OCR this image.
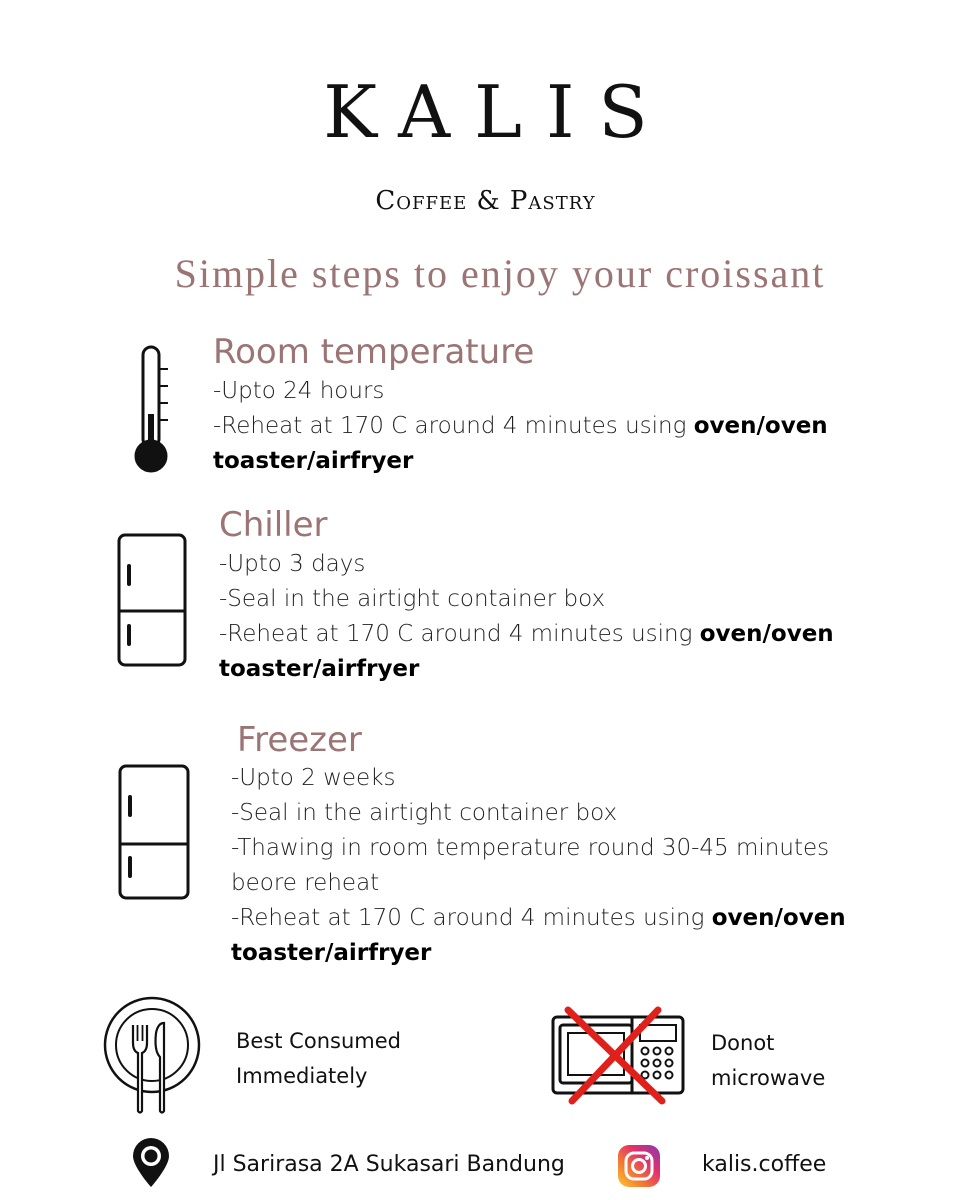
KALIS
Coffee & Pastry
Simple steps to enjoy your croissant
Room temperature
-Upto 24 hours
-Reheat at 170 C around 4 minutes using oven/oven
toaster/airfryer
Chiller
-Upto 3 days
-Seal in the airtight container box
-Reheat at 170 C around 4 minutes using oven/oven
toaster/airfryer
Freezer
-Upto 2 weeks
-Seal in the airtight container box
-Thawing in room temperature round 30-45 minutes
beore reheat
-Reheat at 170 C around 4 minutes using oven/oven
toaster/airfryer
Best Consumed
Immediately
Donot
microwave
Jl Sarirasa 2A Sukasari Bandung	kalis.coffee
